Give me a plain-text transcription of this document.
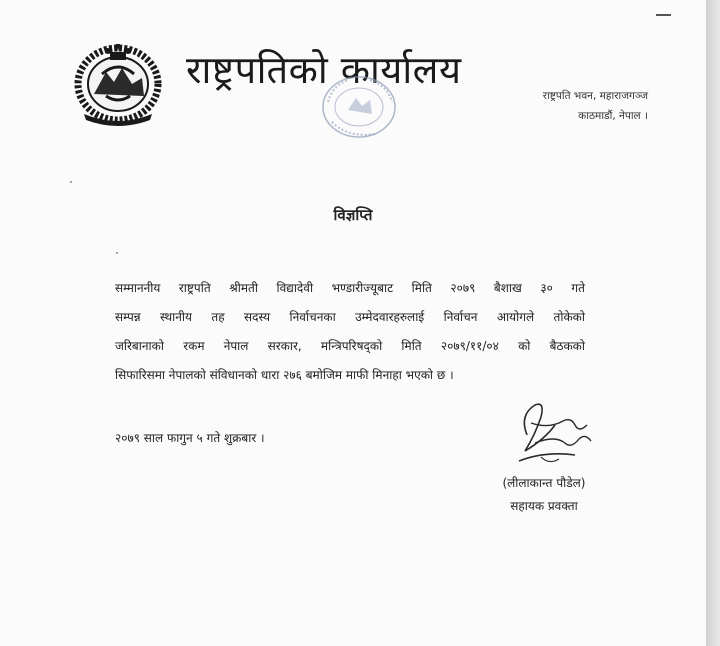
राष्ट्रपतिको कार्यालय
राष्ट्रपति भवन, महाराजगञ्ज
काठमाडौं, नेपाल ।
विज्ञप्ति
सम्माननीय राष्ट्रपति श्रीमती विद्यादेवी भण्डारीज्यूबाट मिति २०७९ बैशाख ३० गते
सम्पन्न स्थानीय तह सदस्य निर्वाचनका उम्मेदवारहरुलाई निर्वाचन आयोगले तोकेको
जरिबानाको रकम नेपाल सरकार, मन्त्रिपरिषद्को मिति २०७९/११/०४ को बैठकको
सिफारिसमा नेपालको संविधानको धारा २७६ बमोजिम माफी मिनाहा भएको छ ।
२०७९ साल फागुन ५ गते शुक्रबार ।
(लीलाकान्त पौडेल)
सहायक प्रवक्ता
